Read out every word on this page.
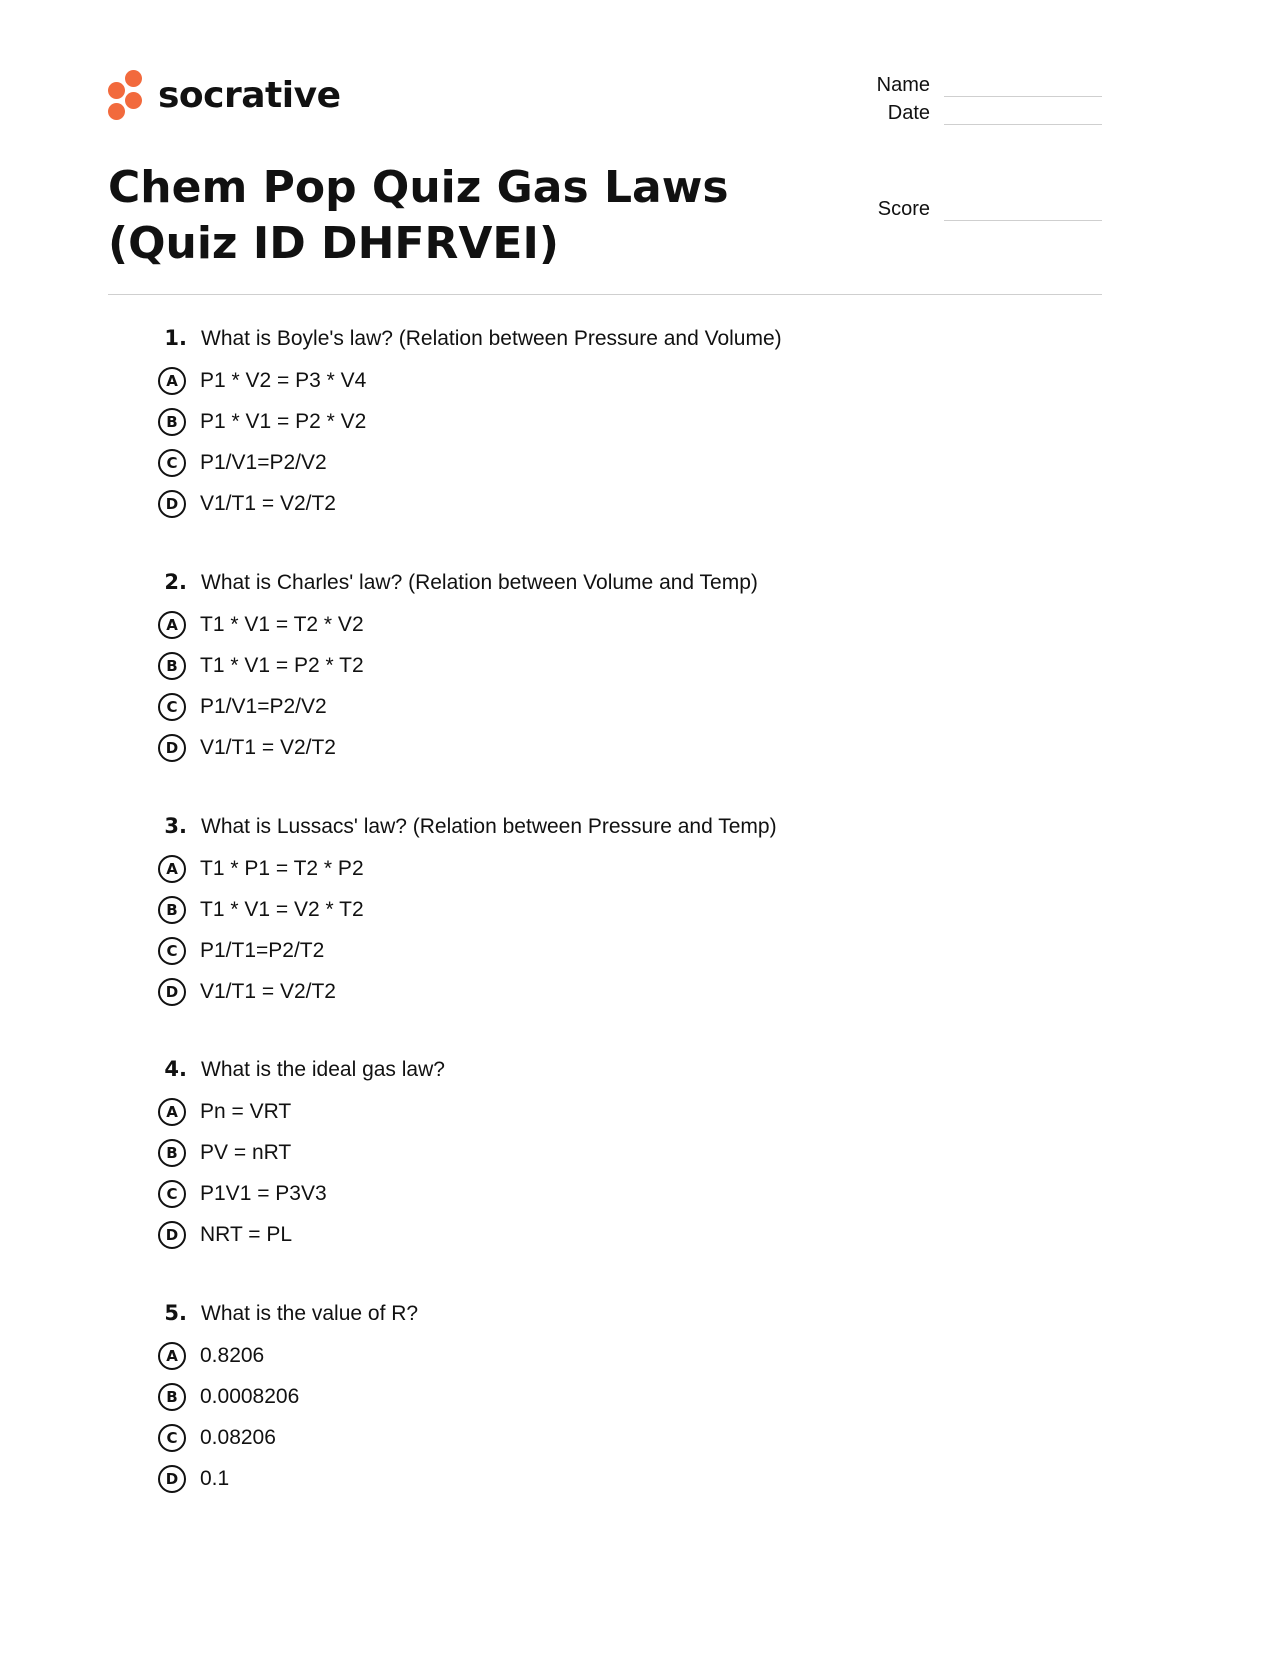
socrative
Chem Pop Quiz Gas Laws (Quiz ID DHFRVEI)
Name
Date
Score
1. What is Boyle's law? (Relation between Pressure and Volume)
A	P1 * V2 = P3 * V4
B	P1 * V1 = P2 * V2
C	P1/V1=P2/V2
D	V1/T1 = V2/T2
2. What is Charles' law? (Relation between Volume and Temp)
A	T1 * V1 = T2 * V2
B	T1 * V1 = P2 * T2
C	P1/V1=P2/V2
D	V1/T1 = V2/T2
3. What is Lussacs' law? (Relation between Pressure and Temp)
A	T1 * P1 = T2 * P2
B	T1 * V1 = V2 * T2
C	P1/T1=P2/T2
D	V1/T1 = V2/T2
4. What is the ideal gas law?
A	Pn = VRT
B	PV = nRT
C	P1V1 = P3V3
D	NRT = PL
5. What is the value of R?
A	0.8206
B	0.0008206
C	0.08206
D	0.1
